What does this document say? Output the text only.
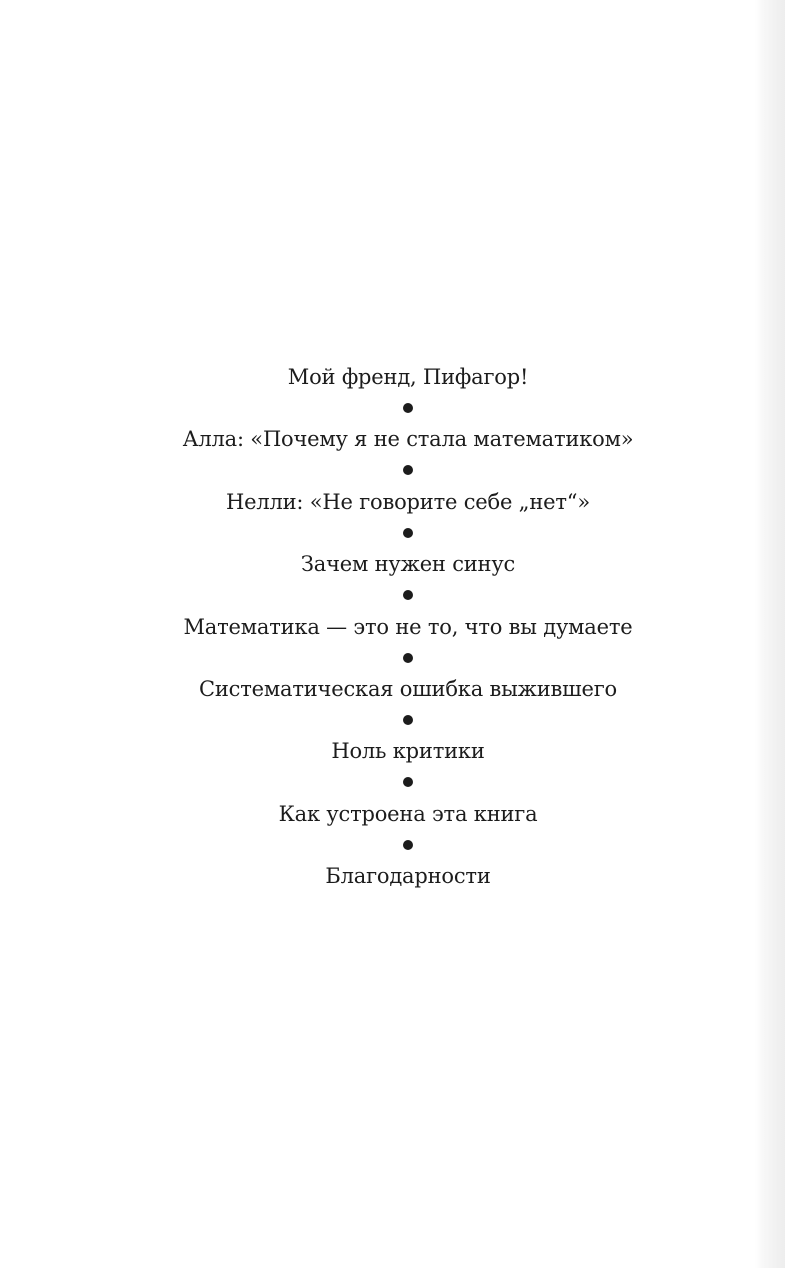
Мой френд, Пифагор!
Алла: «Почему я не стала математиком»
Нелли: «Не говорите себе „нет“»
Зачем нужен синус
Математика — это не то, что вы думаете
Систематическая ошибка выжившего
Ноль критики
Как устроена эта книга
Благодарности
